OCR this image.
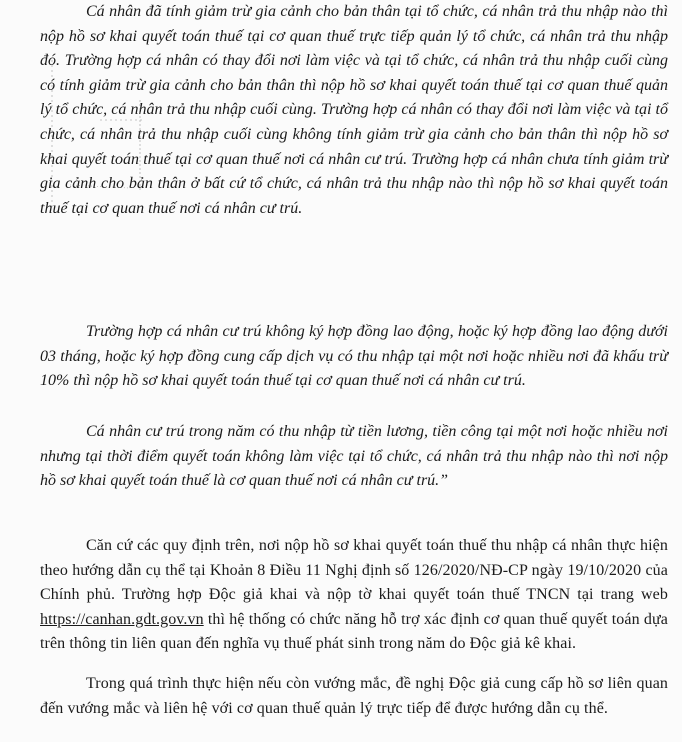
Cá nhân đã tính giảm trừ gia cảnh cho bản thân tại tổ chức, cá nhân trả thu nhập nào thì nộp hồ sơ khai quyết toán thuế tại cơ quan thuế trực tiếp quản lý tổ chức, cá nhân trả thu nhập đó. Trường hợp cá nhân có thay đổi nơi làm việc và tại tổ chức, cá nhân trả thu nhập cuối cùng có tính giảm trừ gia cảnh cho bản thân thì nộp hồ sơ khai quyết toán thuế tại cơ quan thuế quản lý tổ chức, cá nhân trả thu nhập cuối cùng. Trường hợp cá nhân có thay đổi nơi làm việc và tại tổ chức, cá nhân trả thu nhập cuối cùng không tính giảm trừ gia cảnh cho bản thân thì nộp hồ sơ khai quyết toán thuế tại cơ quan thuế nơi cá nhân cư trú. Trường hợp cá nhân chưa tính giảm trừ gia cảnh cho bản thân ở bất cứ tổ chức, cá nhân trả thu nhập nào thì nộp hồ sơ khai quyết toán thuế tại cơ quan thuế nơi cá nhân cư trú.

Trường hợp cá nhân cư trú không ký hợp đồng lao động, hoặc ký hợp đồng lao động dưới 03 tháng, hoặc ký hợp đồng cung cấp dịch vụ có thu nhập tại một nơi hoặc nhiều nơi đã khấu trừ 10% thì nộp hồ sơ khai quyết toán thuế tại cơ quan thuế nơi cá nhân cư trú.

Cá nhân cư trú trong năm có thu nhập từ tiền lương, tiền công tại một nơi hoặc nhiều nơi nhưng tại thời điểm quyết toán không làm việc tại tổ chức, cá nhân trả thu nhập nào thì nơi nộp hồ sơ khai quyết toán thuế là cơ quan thuế nơi cá nhân cư trú.”

Căn cứ các quy định trên, nơi nộp hồ sơ khai quyết toán thuế thu nhập cá nhân thực hiện theo hướng dẫn cụ thể tại Khoản 8 Điều 11 Nghị định số 126/2020/NĐ-CP ngày 19/10/2020 của Chính phủ. Trường hợp Độc giả khai và nộp tờ khai quyết toán thuế TNCN tại trang web https://canhan.gdt.gov.vn thì hệ thống có chức năng hỗ trợ xác định cơ quan thuế quyết toán dựa trên thông tin liên quan đến nghĩa vụ thuế phát sinh trong năm do Độc giả kê khai.

Trong quá trình thực hiện nếu còn vướng mắc, đề nghị Độc giả cung cấp hồ sơ liên quan đến vướng mắc và liên hệ với cơ quan thuế quản lý trực tiếp để được hướng dẫn cụ thể.
